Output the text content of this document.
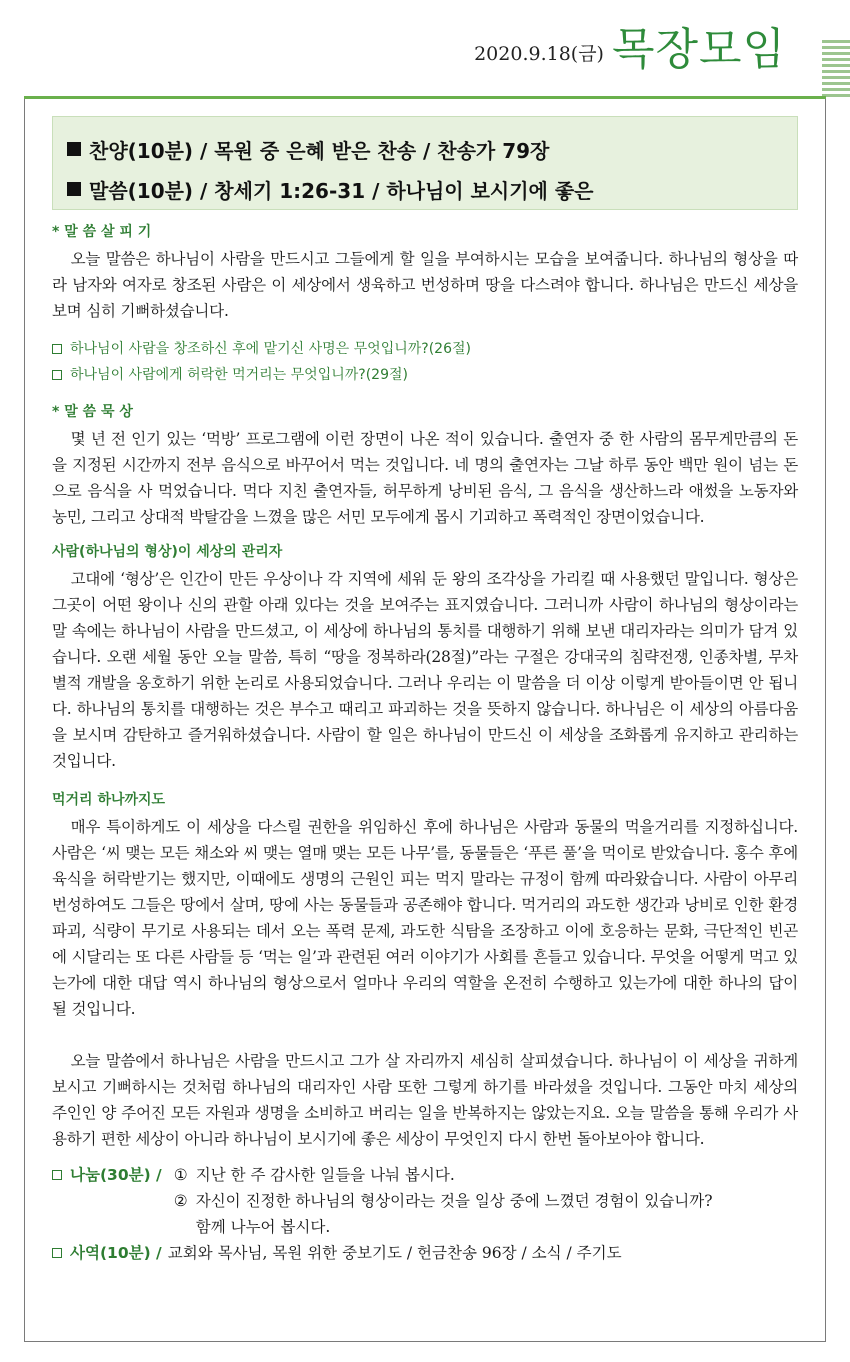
2020.9.18(금) 목장모임
찬양(10분) / 목원 중 은혜 받은 찬송 / 찬송가 79장
말씀(10분) / 창세기 1:26-31 / 하나님이 보시기에 좋은
* 말 씀 살 피 기

오늘 말씀은 하나님이 사람을 만드시고 그들에게 할 일을 부여하시는 모습을 보여줍니다. 하나님의 형상을 따라 남자와 여자로 창조된 사람은 이 세상에서 생육하고 번성하며 땅을 다스려야 합니다. 하나님은 만드신 세상을 보며 심히 기뻐하셨습니다.

하나님이 사람을 창조하신 후에 맡기신 사명은 무엇입니까?(26절)
하나님이 사람에게 허락한 먹거리는 무엇입니까?(29절)
* 말 씀 묵 상

몇 년 전 인기 있는 ‘먹방’ 프로그램에 이런 장면이 나온 적이 있습니다. 출연자 중 한 사람의 몸무게만큼의 돈을 지정된 시간까지 전부 음식으로 바꾸어서 먹는 것입니다. 네 명의 출연자는 그날 하루 동안 백만 원이 넘는 돈으로 음식을 사 먹었습니다. 먹다 지친 출연자들, 허무하게 낭비된 음식, 그 음식을 생산하느라 애썼을 노동자와 농민, 그리고 상대적 박탈감을 느꼈을 많은 서민 모두에게 몹시 기괴하고 폭력적인 장면이었습니다.

사람(하나님의 형상)이 세상의 관리자

고대에 ‘형상’은 인간이 만든 우상이나 각 지역에 세워 둔 왕의 조각상을 가리킬 때 사용했던 말입니다. 형상은 그곳이 어떤 왕이나 신의 관할 아래 있다는 것을 보여주는 표지였습니다. 그러니까 사람이 하나님의 형상이라는 말 속에는 하나님이 사람을 만드셨고, 이 세상에 하나님의 통치를 대행하기 위해 보낸 대리자라는 의미가 담겨 있습니다. 오랜 세월 동안 오늘 말씀, 특히 “땅을 정복하라(28절)”라는 구절은 강대국의 침략전쟁, 인종차별, 무차별적 개발을 옹호하기 위한 논리로 사용되었습니다. 그러나 우리는 이 말씀을 더 이상 이렇게 받아들이면 안 됩니다. 하나님의 통치를 대행하는 것은 부수고 때리고 파괴하는 것을 뜻하지 않습니다. 하나님은 이 세상의 아름다움을 보시며 감탄하고 즐거워하셨습니다. 사람이 할 일은 하나님이 만드신 이 세상을 조화롭게 유지하고 관리하는 것입니다.

먹거리 하나까지도

매우 특이하게도 이 세상을 다스릴 권한을 위임하신 후에 하나님은 사람과 동물의 먹을거리를 지정하십니다. 사람은 ‘씨 맺는 모든 채소와 씨 맺는 열매 맺는 모든 나무’를, 동물들은 ‘푸른 풀’을 먹이로 받았습니다. 홍수 후에 육식을 허락받기는 했지만, 이때에도 생명의 근원인 피는 먹지 말라는 규정이 함께 따라왔습니다. 사람이 아무리 번성하여도 그들은 땅에서 살며, 땅에 사는 동물들과 공존해야 합니다. 먹거리의 과도한 생간과 낭비로 인한 환경파괴, 식량이 무기로 사용되는 데서 오는 폭력 문제, 과도한 식탐을 조장하고 이에 호응하는 문화, 극단적인 빈곤에 시달리는 또 다른 사람들 등 ‘먹는 일’과 관련된 여러 이야기가 사회를 흔들고 있습니다. 무엇을 어떻게 먹고 있는가에 대한 대답 역시 하나님의 형상으로서 얼마나 우리의 역할을 온전히 수행하고 있는가에 대한 하나의 답이 될 것입니다.

오늘 말씀에서 하나님은 사람을 만드시고 그가 살 자리까지 세심히 살피셨습니다. 하나님이 이 세상을 귀하게 보시고 기뻐하시는 것처럼 하나님의 대리자인 사람 또한 그렇게 하기를 바라셨을 것입니다. 그동안 마치 세상의 주인인 양 주어진 모든 자원과 생명을 소비하고 버리는 일을 반복하지는 않았는지요. 오늘 말씀을 통해 우리가 사용하기 편한 세상이 아니라 하나님이 보시기에 좋은 세상이 무엇인지 다시 한번 돌아보아야 합니다.

나눔(30분) / ① 지난 한 주 감사한 일들을 나눠 봅시다.
② 자신이 진정한 하나님의 형상이라는 것을 일상 중에 느꼈던 경험이 있습니까?
함께 나누어 봅시다.
사역(10분) / 교회와 목사님, 목원 위한 중보기도 / 헌금찬송 96장 / 소식 / 주기도
